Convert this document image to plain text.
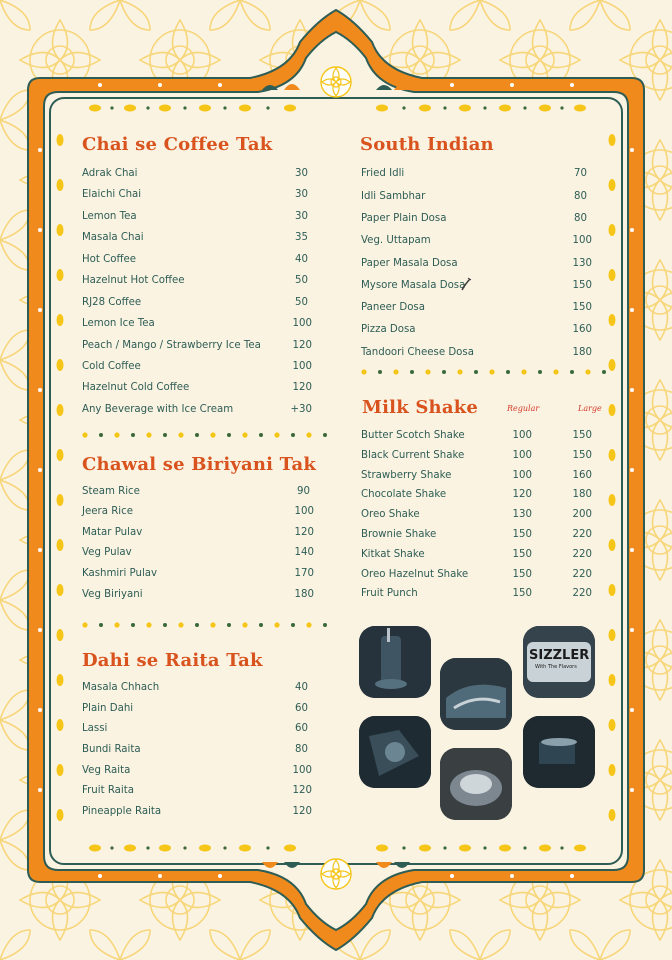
Chai se Coffee Tak
Adrak Chai	30
Elaichi Chai	30
Lemon Tea	30
Masala Chai	35
Hot Coffee	40
Hazelnut Hot Coffee	50
RJ28 Coffee	50
Lemon Ice Tea	100
Peach / Mango / Strawberry Ice Tea	120
Cold Coffee	100
Hazelnut Cold Coffee	120
Any Beverage with Ice Cream	+30
Chawal se Biriyani Tak
Steam Rice	90
Jeera Rice	100
Matar Pulav	120
Veg Pulav	140
Kashmiri Pulav	170
Veg Biriyani	180
Dahi se Raita Tak
Masala Chhach	40
Plain Dahi	60
Lassi	60
Bundi Raita	80
Veg Raita	100
Fruit Raita	120
Pineapple Raita	120
South Indian
Fried Idli	70
Idli Sambhar	80
Paper Plain Dosa	80
Veg. Uttapam	100
Paper Masala Dosa	130
Mysore Masala Dosa	150
Paneer Dosa	150
Pizza Dosa	160
Tandoori Cheese Dosa	180
Milk Shake	Regular	Large
Butter Scotch Shake	100	150
Black Current Shake	100	150
Strawberry Shake	100	160
Chocolate Shake	120	180
Oreo Shake	130	200
Brownie Shake	150	220
Kitkat Shake	150	220
Oreo Hazelnut Shake	150	220
Fruit Punch	150	220
SIZZLER
With The Flavors
